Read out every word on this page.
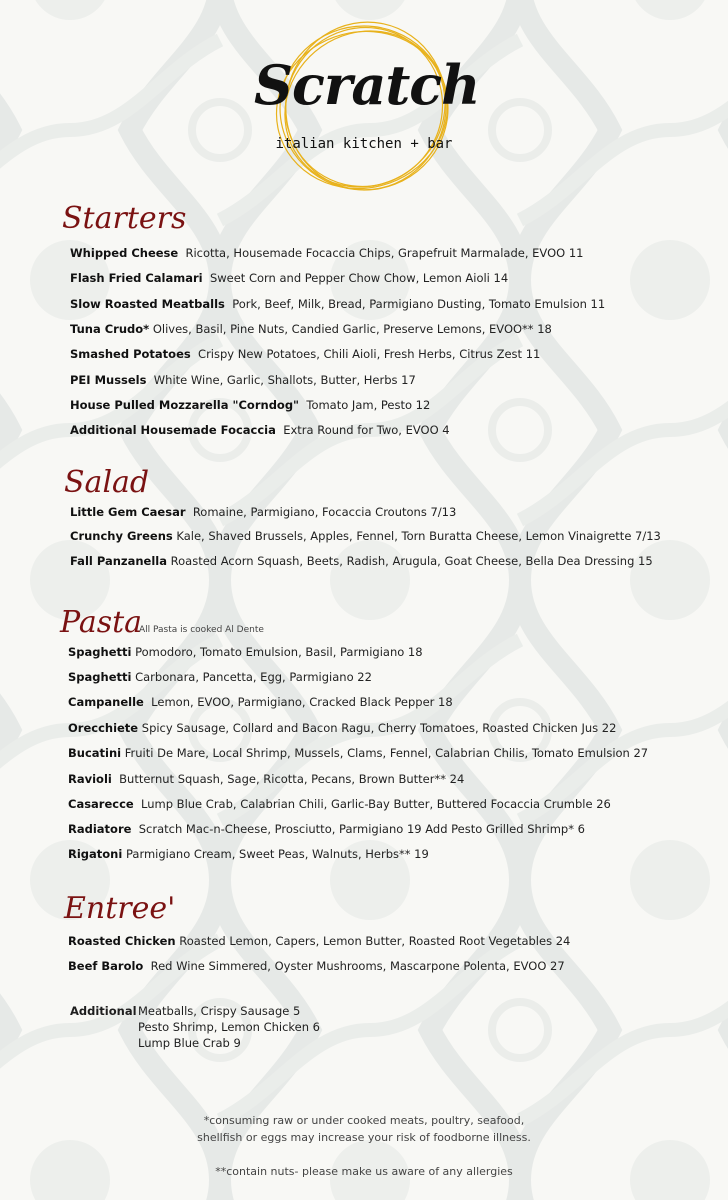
Scratch
italian kitchen + bar
Starters
Whipped Cheese Ricotta, Housemade Focaccia Chips, Grapefruit Marmalade, EVOO 11
Flash Fried Calamari Sweet Corn and Pepper Chow Chow, Lemon Aioli 14
Slow Roasted Meatballs Pork, Beef, Milk, Bread, Parmigiano Dusting, Tomato Emulsion 11
Tuna Crudo* Olives, Basil, Pine Nuts, Candied Garlic, Preserve Lemons, EVOO** 18
Smashed Potatoes Crispy New Potatoes, Chili Aioli, Fresh Herbs, Citrus Zest 11
PEI Mussels White Wine, Garlic, Shallots, Butter, Herbs 17
House Pulled Mozzarella "Corndog" Tomato Jam, Pesto 12
Additional Housemade Focaccia Extra Round for Two, EVOO 4
Salad
Little Gem Caesar Romaine, Parmigiano, Focaccia Croutons 7/13
Crunchy Greens Kale, Shaved Brussels, Apples, Fennel, Torn Buratta Cheese, Lemon Vinaigrette 7/13
Fall Panzanella Roasted Acorn Squash, Beets, Radish, Arugula, Goat Cheese, Bella Dea Dressing 15
Pasta
All Pasta is cooked Al Dente
Spaghetti Pomodoro, Tomato Emulsion, Basil, Parmigiano 18
Spaghetti Carbonara, Pancetta, Egg, Parmigiano 22
Campanelle Lemon, EVOO, Parmigiano, Cracked Black Pepper 18
Orecchiete Spicy Sausage, Collard and Bacon Ragu, Cherry Tomatoes, Roasted Chicken Jus 22
Bucatini Fruiti De Mare, Local Shrimp, Mussels, Clams, Fennel, Calabrian Chilis, Tomato Emulsion 27
Ravioli Butternut Squash, Sage, Ricotta, Pecans, Brown Butter** 24
Casarecce Lump Blue Crab, Calabrian Chili, Garlic-Bay Butter, Buttered Focaccia Crumble 26
Radiatore Scratch Mac-n-Cheese, Prosciutto, Parmigiano 19 Add Pesto Grilled Shrimp* 6
Rigatoni Parmigiano Cream, Sweet Peas, Walnuts, Herbs** 19
Entree'
Roasted Chicken Roasted Lemon, Capers, Lemon Butter, Roasted Root Vegetables 24
Beef Barolo Red Wine Simmered, Oyster Mushrooms, Mascarpone Polenta, EVOO 27
Additional Meatballs, Crispy Sausage 5
Pesto Shrimp, Lemon Chicken 6
Lump Blue Crab 9
*consuming raw or under cooked meats, poultry, seafood,
shellfish or eggs may increase your risk of foodborne illness.
**contain nuts- please make us aware of any allergies
